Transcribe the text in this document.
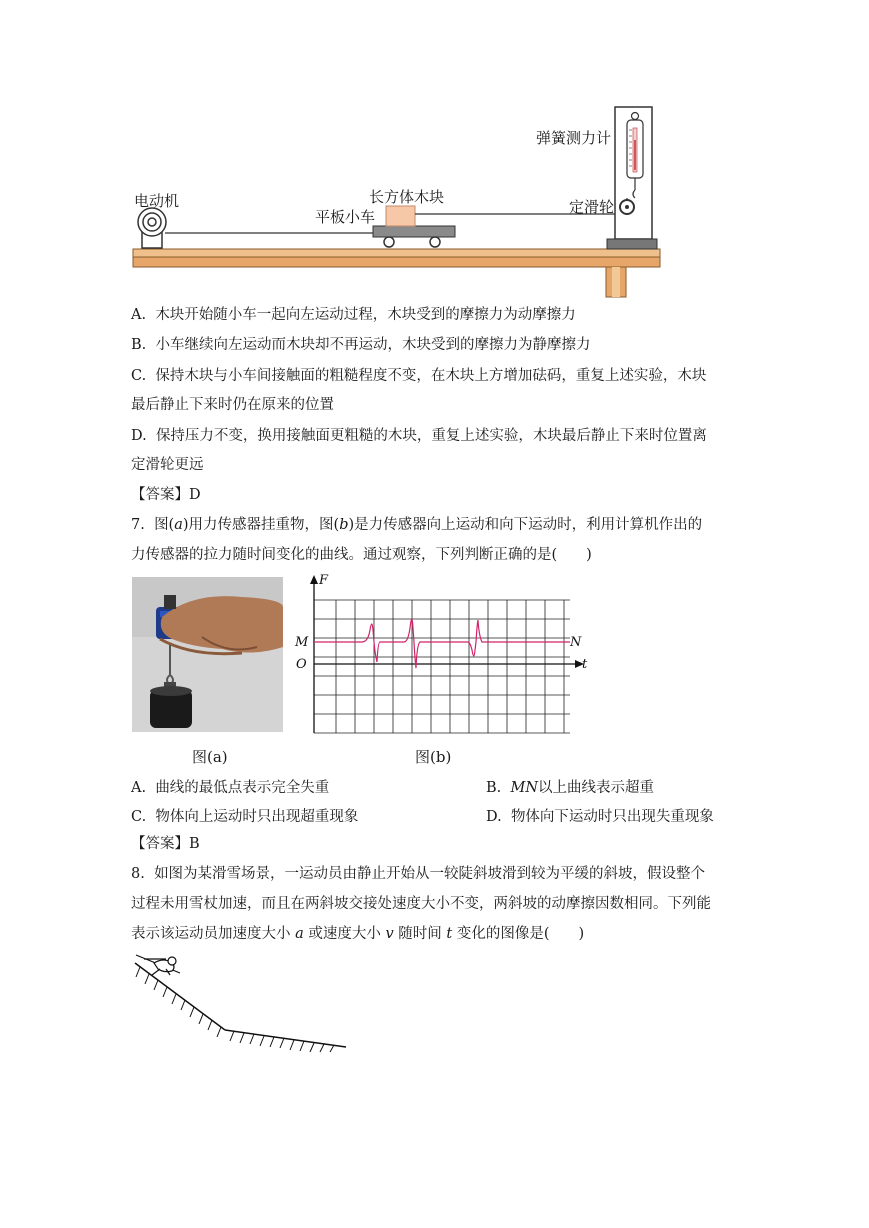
弹簧测力计
电动机	长方体木块
平板小车
定滑轮
A. 木块开始随小车一起向左运动过程，木块受到的摩擦力为动摩擦力
B. 小车继续向左运动而木块却不再运动，木块受到的摩擦力为静摩擦力
C. 保持木块与小车间接触面的粗糙程度不变，在木块上方增加砝码，重复上述实验，木块
最后静止下来时仍在原来的位置
D. 保持压力不变，换用接触面更粗糙的木块，重复上述实验，木块最后静止下来时位置离
定滑轮更远
【答案】D
7. 图(a)用力传感器挂重物，图(b)是力传感器向上运动和向下运动时，利用计算机作出的
力传感器的拉力随时间变化的曲线。通过观察，下列判断正确的是(　　)
图(a)
F
t
M	N
O
图(b)
A. 曲线的最低点表示完全失重	B. MN以上曲线表示超重
C. 物体向上运动时只出现超重现象	D. 物体向下运动时只出现失重现象
【答案】B
8. 如图为某滑雪场景，一运动员由静止开始从一较陡斜坡滑到较为平缓的斜坡，假设整个
过程未用雪杖加速，而且在两斜坡交接处速度大小不变，两斜坡的动摩擦因数相同。下列能
表示该运动员加速度大小 a 或速度大小 v 随时间 t 变化的图像是(　　)
